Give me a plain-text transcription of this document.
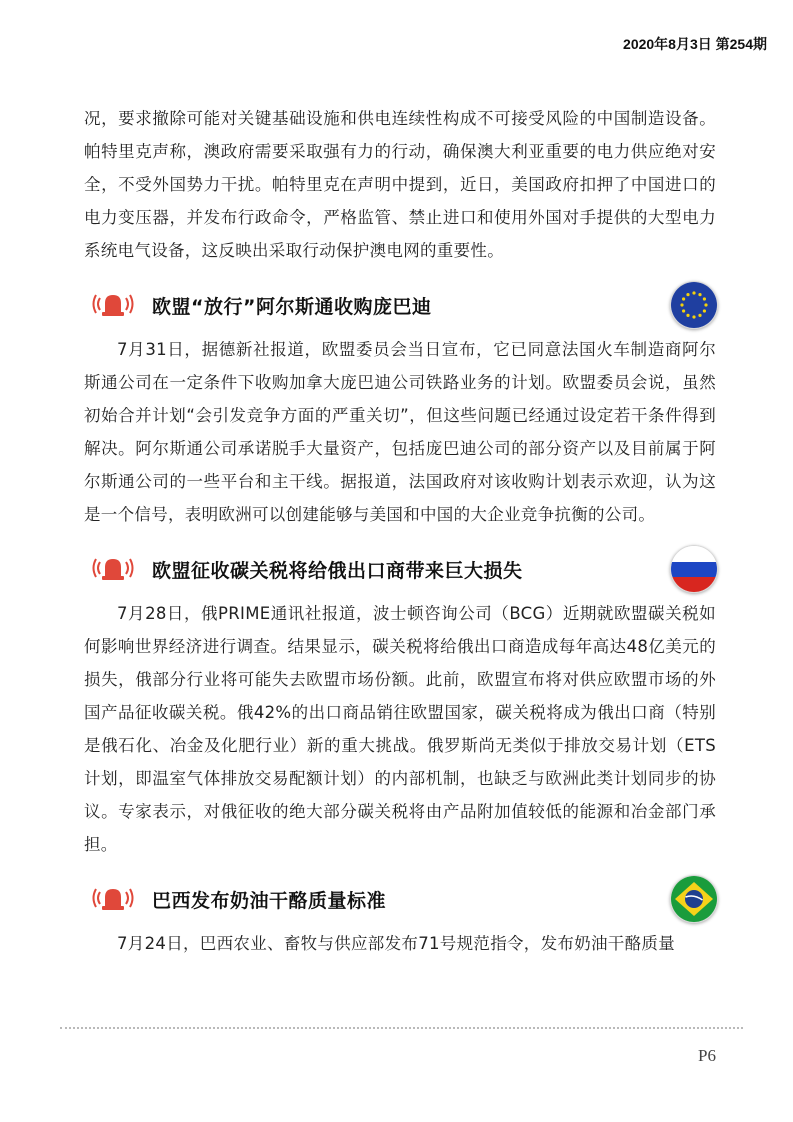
2020年8月3日 第254期

况，要求撤除可能对关键基础设施和供电连续性构成不可接受风险的中国制造设备。帕特里克声称，澳政府需要采取强有力的行动，确保澳大利亚重要的电力供应绝对安全，不受外国势力干扰。帕特里克在声明中提到，近日，美国政府扣押了中国进口的电力变压器，并发布行政命令，严格监管、禁止进口和使用外国对手提供的大型电力系统电气设备，这反映出采取行动保护澳电网的重要性。

欧盟“放行”阿尔斯通收购庞巴迪

7月31日，据德新社报道，欧盟委员会当日宣布，它已同意法国火车制造商阿尔斯通公司在一定条件下收购加拿大庞巴迪公司铁路业务的计划。欧盟委员会说，虽然初始合并计划“会引发竞争方面的严重关切”，但这些问题已经通过设定若干条件得到解决。阿尔斯通公司承诺脱手大量资产，包括庞巴迪公司的部分资产以及目前属于阿尔斯通公司的一些平台和主干线。据报道，法国政府对该收购计划表示欢迎，认为这是一个信号，表明欧洲可以创建能够与美国和中国的大企业竞争抗衡的公司。

欧盟征收碳关税将给俄出口商带来巨大损失

7月28日，俄PRIME通讯社报道，波士顿咨询公司（BCG）近期就欧盟碳关税如何影响世界经济进行调查。结果显示，碳关税将给俄出口商造成每年高达48亿美元的损失，俄部分行业将可能失去欧盟市场份额。此前，欧盟宣布将对供应欧盟市场的外国产品征收碳关税。俄42%的出口商品销往欧盟国家，碳关税将成为俄出口商（特别是俄石化、冶金及化肥行业）新的重大挑战。俄罗斯尚无类似于排放交易计划（ETS计划，即温室气体排放交易配额计划）的内部机制，也缺乏与欧洲此类计划同步的协议。专家表示，对俄征收的绝大部分碳关税将由产品附加值较低的能源和冶金部门承担。

巴西发布奶油干酪质量标准

7月24日，巴西农业、畜牧与供应部发布71号规范指令，发布奶油干酪质量

P6
